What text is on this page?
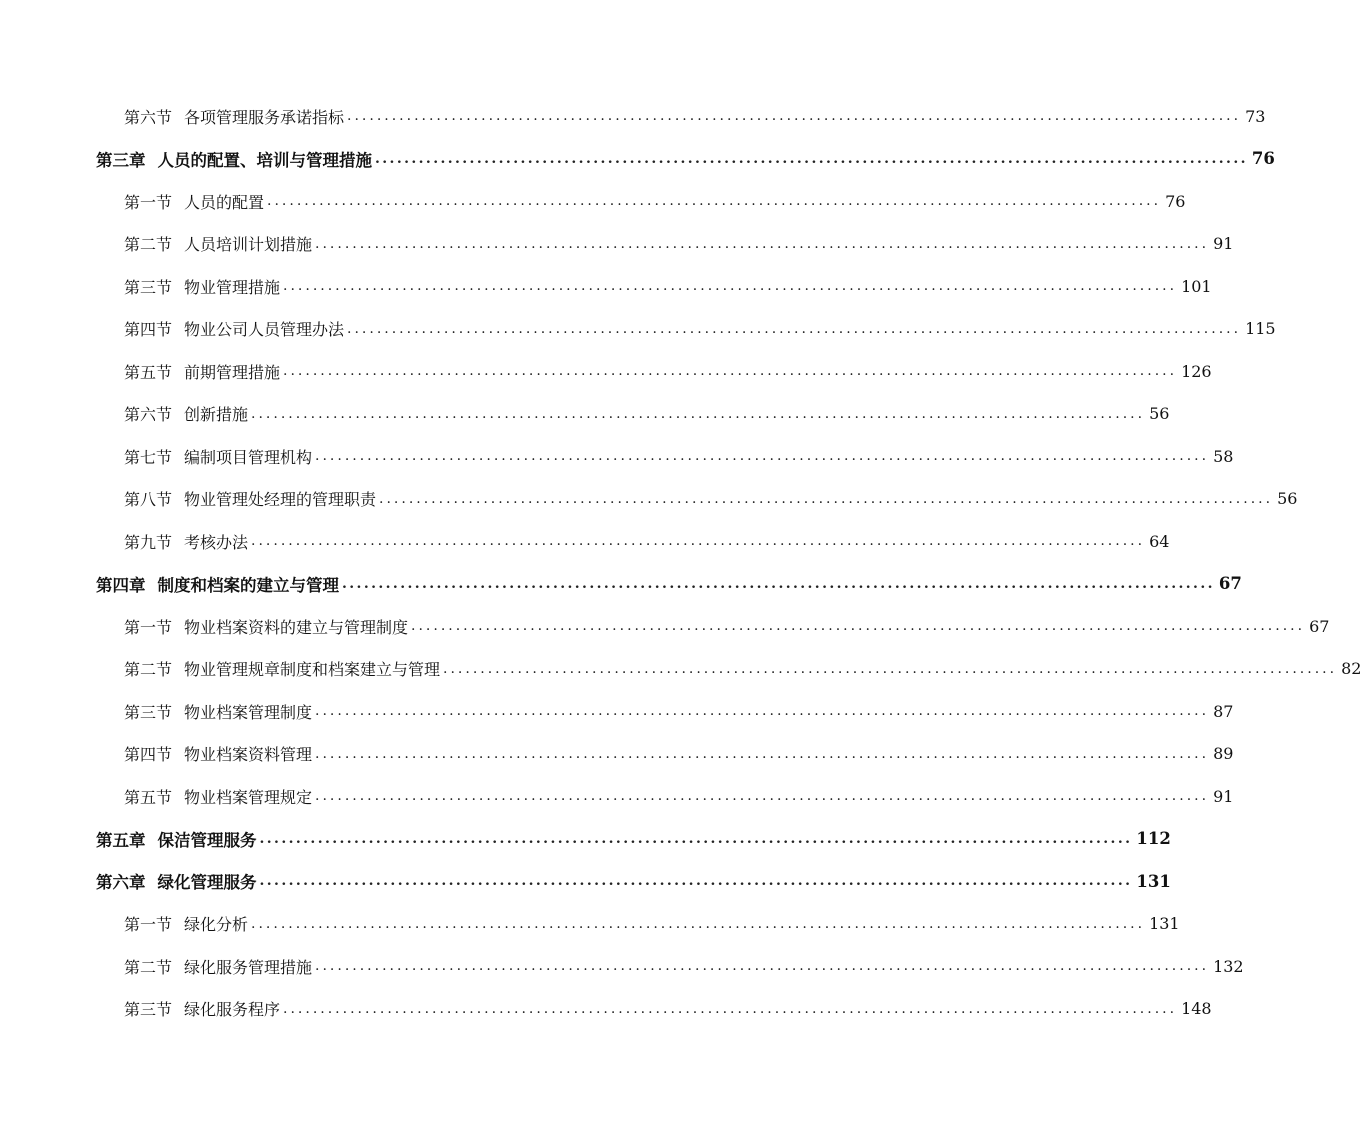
第六节 各项管理服务承诺指标 ........................................................................................................................ 73
第三章 人员的配置、培训与管理措施 ........................................................................................................................ 76
第一节 人员的配置 ........................................................................................................................ 76
第二节 人员培训计划措施 ........................................................................................................................ 91
第三节 物业管理措施 ........................................................................................................................ 101
第四节 物业公司人员管理办法 ........................................................................................................................ 115
第五节 前期管理措施 ........................................................................................................................ 126
第六节 创新措施 ........................................................................................................................ 56
第七节 编制项目管理机构 ........................................................................................................................ 58
第八节 物业管理处经理的管理职责 ........................................................................................................................ 56
第九节 考核办法 ........................................................................................................................ 64
第四章 制度和档案的建立与管理 ........................................................................................................................ 67
第一节 物业档案资料的建立与管理制度 ........................................................................................................................ 67
第二节 物业管理规章制度和档案建立与管理 ........................................................................................................................ 82
第三节 物业档案管理制度 ........................................................................................................................ 87
第四节 物业档案资料管理 ........................................................................................................................ 89
第五节 物业档案管理规定 ........................................................................................................................ 91
第五章 保洁管理服务 ........................................................................................................................ 112
第六章 绿化管理服务 ........................................................................................................................ 131
第一节 绿化分析 ........................................................................................................................ 131
第二节 绿化服务管理措施 ........................................................................................................................ 132
第三节 绿化服务程序 ........................................................................................................................ 148
